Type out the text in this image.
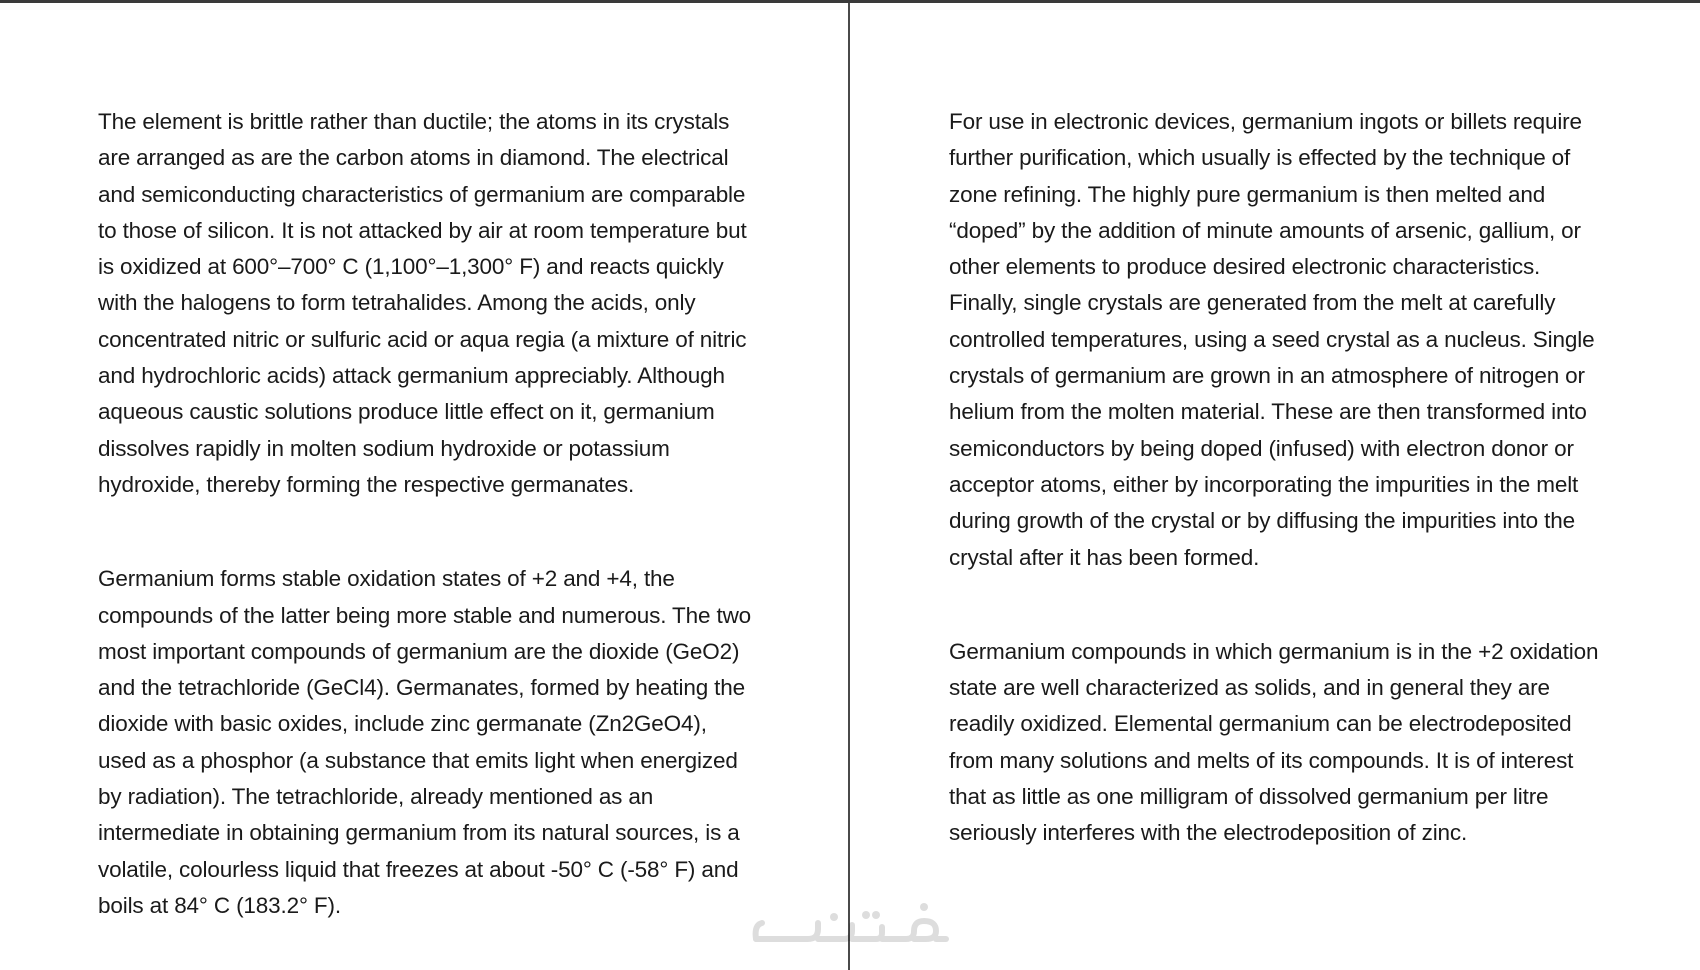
The element is brittle rather than ductile; the atoms in its crystals are arranged as are the carbon atoms in diamond. The electrical and semiconducting characteristics of germanium are comparable to those of silicon. It is not attacked by air at room temperature but is oxidized at 600°–700° C (1,100°–1,300° F) and reacts quickly with the halogens to form tetrahalides. Among the acids, only concentrated nitric or sulfuric acid or aqua regia (a mixture of nitric and hydrochloric acids) attack germanium appreciably. Although aqueous caustic solutions produce little effect on it, germanium dissolves rapidly in molten sodium hydroxide or potassium hydroxide, thereby forming the respective germanates.

Germanium forms stable oxidation states of +2 and +4, the compounds of the latter being more stable and numerous. The two most important compounds of germanium are the dioxide (GeO2) and the tetrachloride (GeCl4). Germanates, formed by heating the dioxide with basic oxides, include zinc germanate (Zn2GeO4), used as a phosphor (a substance that emits light when energized by radiation). The tetrachloride, already mentioned as an intermediate in obtaining germanium from its natural sources, is a volatile, colourless liquid that freezes at about -50° C (-58° F) and boils at 84° C (183.2° F).

For use in electronic devices, germanium ingots or billets require further purification, which usually is effected by the technique of zone refining. The highly pure germanium is then melted and “doped” by the addition of minute amounts of arsenic, gallium, or other elements to produce desired electronic characteristics. Finally, single crystals are generated from the melt at carefully controlled temperatures, using a seed crystal as a nucleus. Single crystals of germanium are grown in an atmosphere of nitrogen or helium from the molten material. These are then transformed into semiconductors by being doped (infused) with electron donor or acceptor atoms, either by incorporating the impurities in the melt during growth of the crystal or by diffusing the impurities into the crystal after it has been formed.

Germanium compounds in which germanium is in the +2 oxidation state are well characterized as solids, and in general they are readily oxidized. Elemental germanium can be electrodeposited from many solutions and melts of its compounds. It is of interest that as little as one milligram of dissolved germanium per litre seriously interferes with the electrodeposition of zinc.
